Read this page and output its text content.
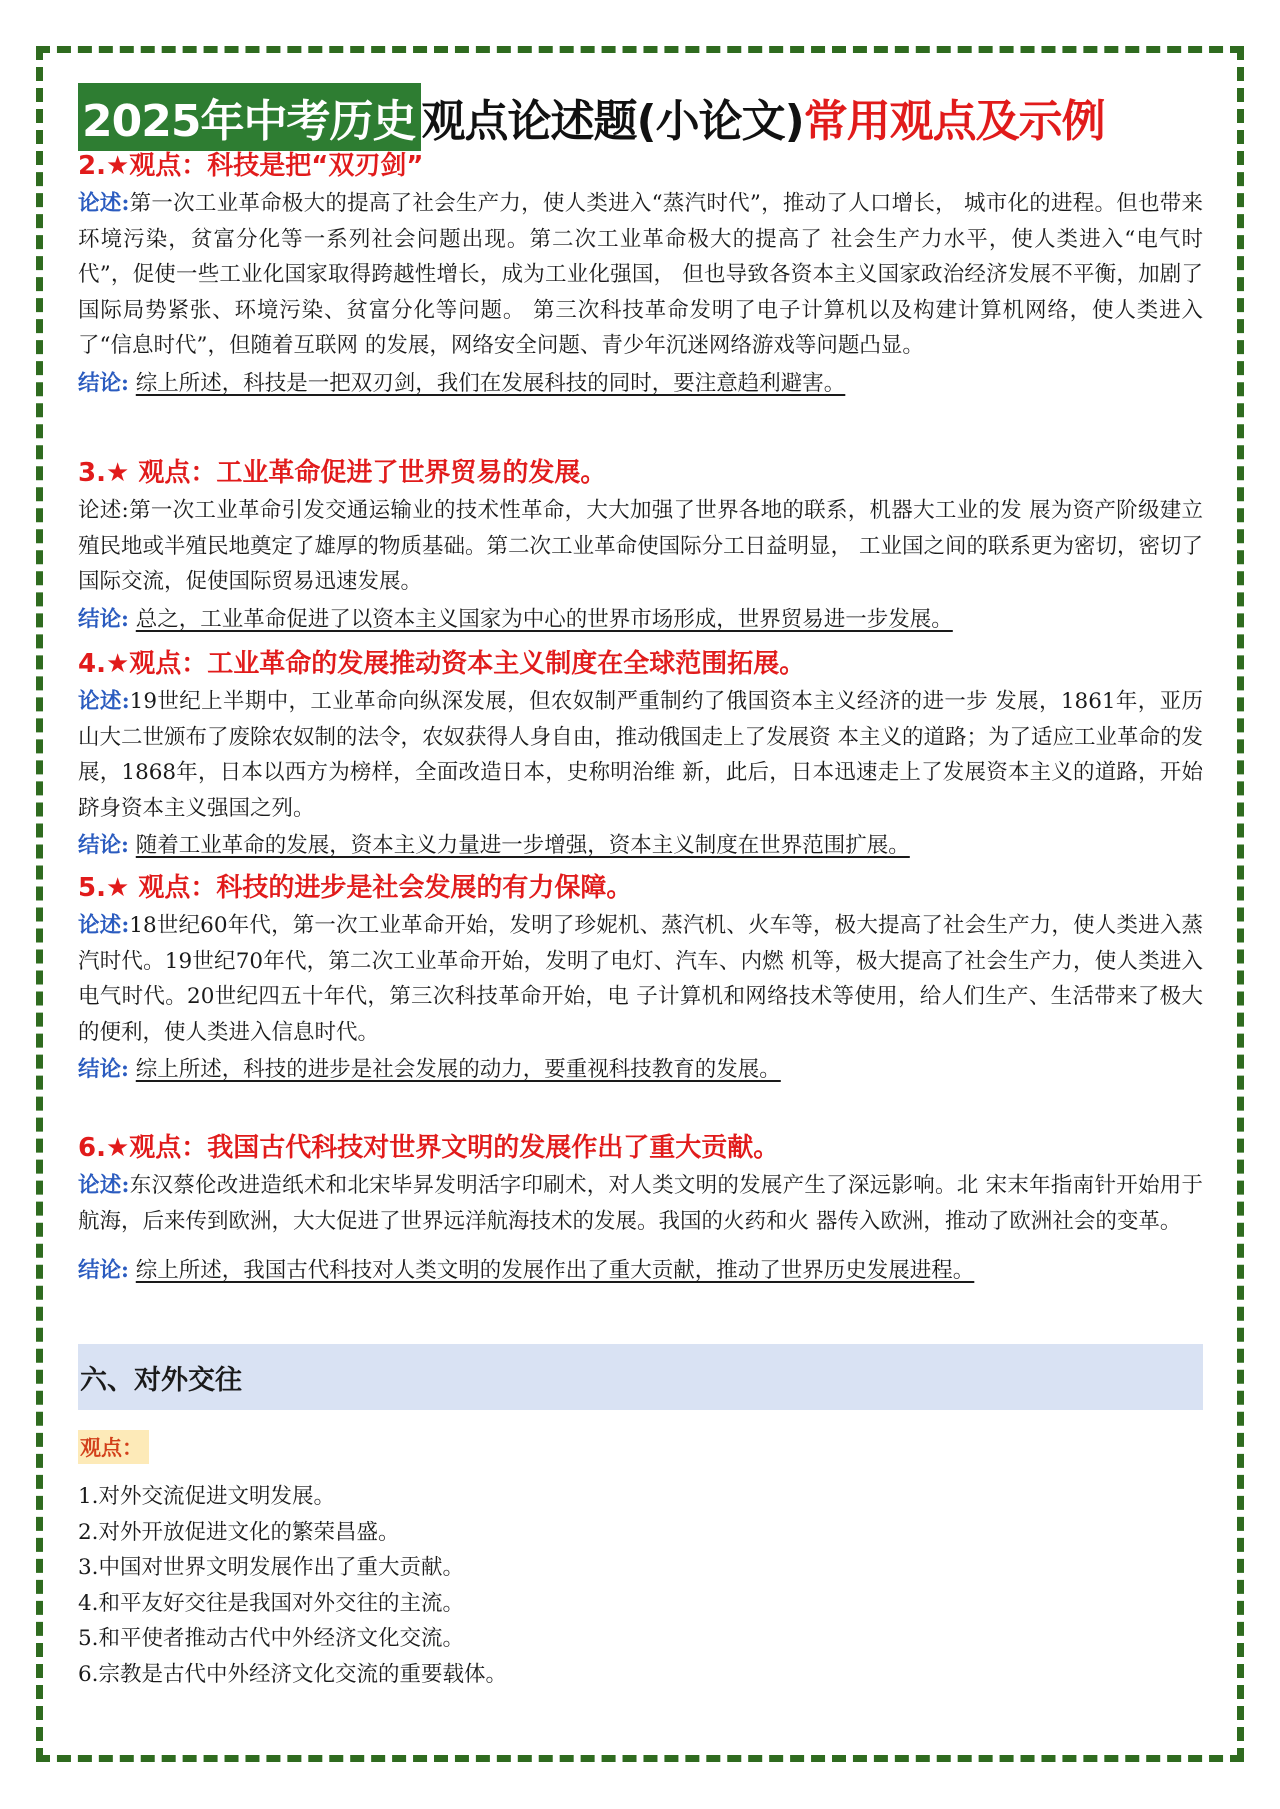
2025年中考历史 观点论述题(小论文) 常用观点及示例
2.★观点：科技是把“双刃剑”
论述:第一次工业革命极大的提高了社会生产力，使人类进入“蒸汽时代”，推动了人口增长， 城市化的进程。但也带来环境污染，贫富分化等一系列社会问题出现。第二次工业革命极大的提高了 社会生产力水平，使人类进入“电气时代”，促使一些工业化国家取得跨越性增长，成为工业化强国， 但也导致各资本主义国家政治经济发展不平衡，加剧了国际局势紧张、环境污染、贫富分化等问题。 第三次科技革命发明了电子计算机以及构建计算机网络，使人类进入了“信息时代”，但随着互联网 的发展，网络安全问题、青少年沉迷网络游戏等问题凸显。
结论: 综上所述，科技是一把双刃剑，我们在发展科技的同时，要注意趋利避害。
3.★ 观点：工业革命促进了世界贸易的发展。
论述:第一次工业革命引发交通运输业的技术性革命，大大加强了世界各地的联系，机器大工业的发 展为资产阶级建立殖民地或半殖民地奠定了雄厚的物质基础。第二次工业革命使国际分工日益明显， 工业国之间的联系更为密切，密切了国际交流，促使国际贸易迅速发展。
结论: 总之，工业革命促进了以资本主义国家为中心的世界市场形成，世界贸易进一步发展。
4.★观点：工业革命的发展推动资本主义制度在全球范围拓展。
论述:19世纪上半期中，工业革命向纵深发展，但农奴制严重制约了俄国资本主义经济的进一步 发展，1861年，亚历山大二世颁布了废除农奴制的法令，农奴获得人身自由，推动俄国走上了发展资 本主义的道路；为了适应工业革命的发展，1868年，日本以西方为榜样，全面改造日本，史称明治维 新，此后，日本迅速走上了发展资本主义的道路，开始跻身资本主义强国之列。
结论: 随着工业革命的发展，资本主义力量进一步增强，资本主义制度在世界范围扩展。
5.★ 观点：科技的进步是社会发展的有力保障。
论述:18世纪60年代，第一次工业革命开始，发明了珍妮机、蒸汽机、火车等，极大提高了社会生产力，使人类进入蒸汽时代。19世纪70年代，第二次工业革命开始，发明了电灯、汽车、内燃 机等，极大提高了社会生产力，使人类进入电气时代。20世纪四五十年代，第三次科技革命开始，电 子计算机和网络技术等使用，给人们生产、生活带来了极大的便利，使人类进入信息时代。
结论: 综上所述，科技的进步是社会发展的动力，要重视科技教育的发展。
6.★观点：我国古代科技对世界文明的发展作出了重大贡献。
论述:东汉蔡伦改进造纸术和北宋毕昇发明活字印刷术，对人类文明的发展产生了深远影响。北 宋末年指南针开始用于航海，后来传到欧洲，大大促进了世界远洋航海技术的发展。我国的火药和火 器传入欧洲，推动了欧洲社会的变革。
结论: 综上所述，我国古代科技对人类文明的发展作出了重大贡献，推动了世界历史发展进程。
六、对外交往
观点：
1.对外交流促进文明发展。
2.对外开放促进文化的繁荣昌盛。
3.中国对世界文明发展作出了重大贡献。
4.和平友好交往是我国对外交往的主流。
5.和平使者推动古代中外经济文化交流。
6.宗教是古代中外经济文化交流的重要载体。
